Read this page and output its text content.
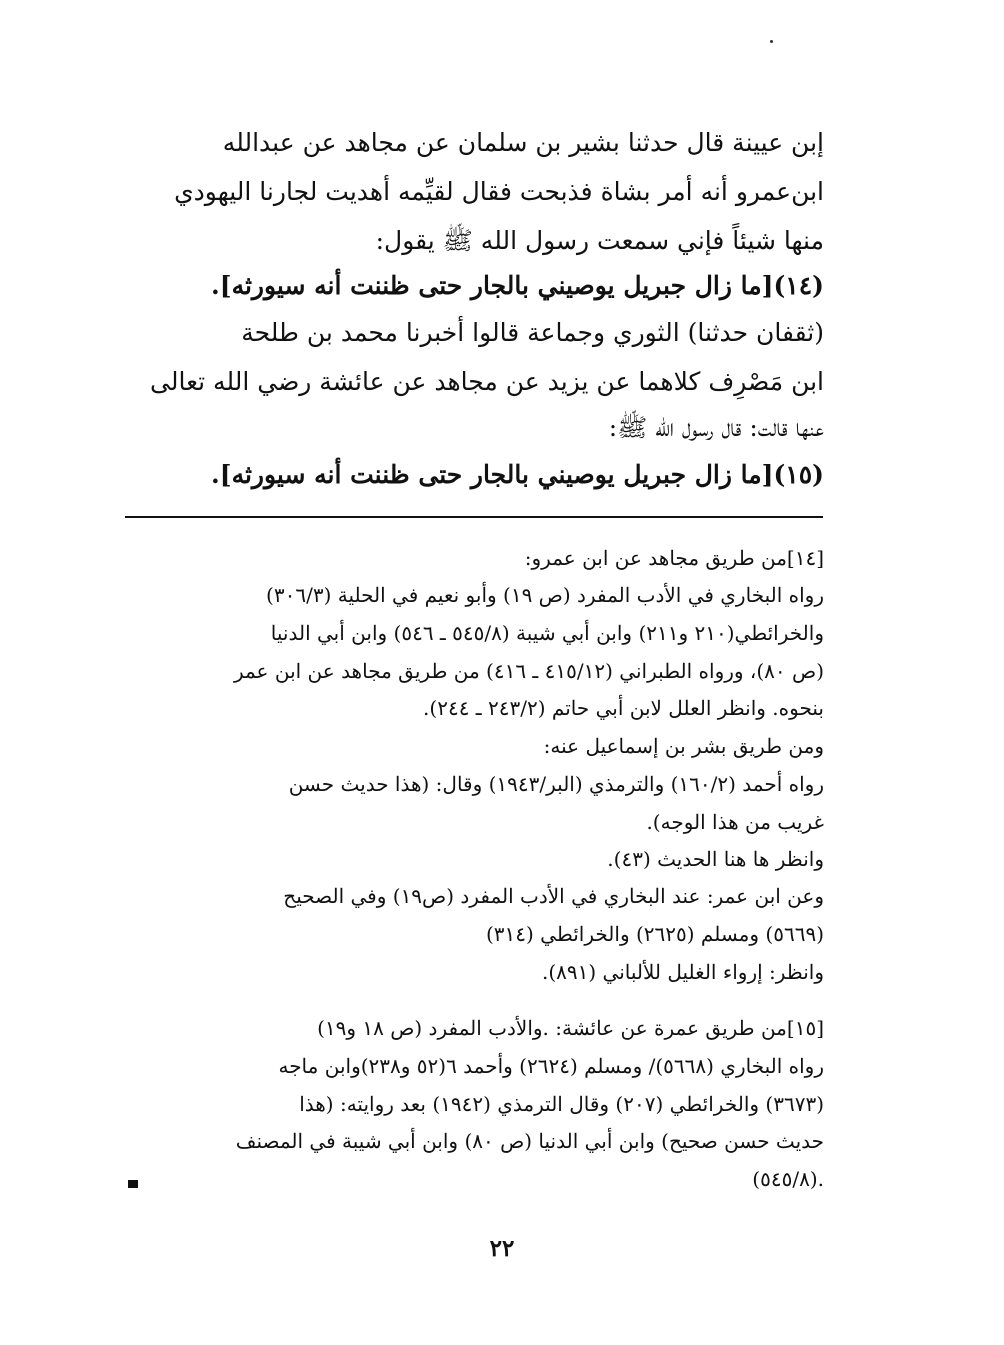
إبن عيينة قال حدثنا بشير بن سلمان عن مجاهد عن عبدالله
ابن‌عمرو أنه أمر بشاة فذبحت فقال لقيِّمه أهديت لجارنا اليهودي
منها شيئاً فإني سمعت رسول الله ﷺ يقول:
(١٤)[ما زال جبريل يوصيني بالجار حتى ظننت أنه سيورثه].
(ثقفان حدثنا) الثوري وجماعة قالوا أخبرنا محمد بن طلحة
ابن مَصْرِف كلاهما عن يزيد عن مجاهد عن عائشة رضي الله تعالى
عنها قالت: قال رسول الله ﷺ:
(١٥)[ما زال جبريل يوصيني بالجار حتى ظننت أنه سيورثه].
[١٤]من طريق مجاهد عن ابن عمرو:
رواه البخاري في الأدب المفرد (ص ١٩) وأبو نعيم في الحلية (٣٠٦/٣)
والخرائطي(٢١٠ و٢١١) وابن أبي شيبة (٥٤٥/٨ ـ ٥٤٦) وابن أبي الدنيا
(ص ٨٠)، ورواه الطبراني (٤١٥/١٢ ـ ٤١٦) من طريق مجاهد عن ابن عمر
بنحوه. وانظر العلل لابن أبي حاتم (٢٤٣/٢ ـ ٢٤٤).
ومن طريق بشر بن إسماعيل عنه:
رواه أحمد (١٦٠/٢) والترمذي (البر/١٩٤٣) وقال: (هذا حديث حسن
غريب من هذا الوجه).
وانظر ها هنا الحديث (٤٣).
وعن ابن عمر: عند البخاري في الأدب المفرد (ص١٩) وفي الصحيح
(٥٦٦٩) ومسلم (٢٦٢٥) والخرائطي (٣١٤)
وانظر: إرواء الغليل للألباني (٨٩١).
[١٥]من طريق عمرة عن عائشة: .والأدب المفرد (ص ١٨ و١٩)
رواه البخاري (٥٦٦٨)/ ومسلم (٢٦٢٤) وأحمد ٦(٥٢ و٢٣٨)وابن ماجه
(٣٦٧٣) والخرائطي (٢٠٧) وقال الترمذي (١٩٤٢) بعد روايته: (هذا
حديث حسن صحيح) وابن أبي الدنيا (ص ٨٠) وابن أبي شيبة في المصنف
(٥٤٥/٨).
٢٢
